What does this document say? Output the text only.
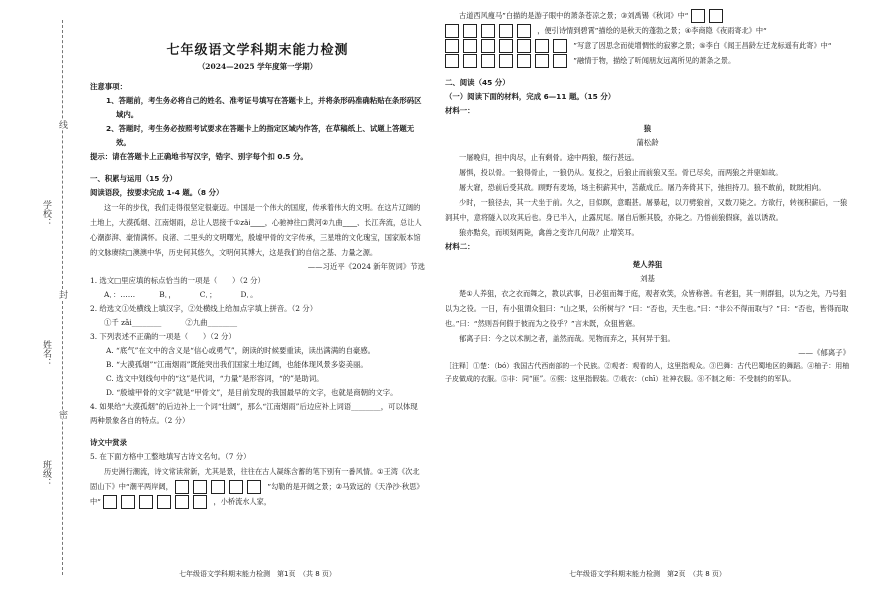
学校：
姓名：
班级：
线
封
密
七年级语文学科期末能力检测
（2024—2025 学年度第一学期）

注意事项：

1、答题前，考生务必将自己的姓名、准考证号填写在答题卡上，并将条形码准确粘贴在条形码区域内。

2、答题时，考生务必按照考试要求在答题卡上的指定区域内作答，在草稿纸上、试题上答题无效。

提示：请在答题卡上正确地书写汉字，锆字、别字每个扣 0.5 分。

一、积累与运用（15 分）

阅读语段，按要求完成 1-4 题。（8 分）

这一年的步伐，我们走得很坚定很豪迈。中国是一个伟大的国度，传承着伟大的文明。在这片辽阔的土地上，大漠孤烟、江南烟雨，总让人思接千①zǎi____，心驰神往□黄河②九曲____、长江奔流，总让人心潮澎湃、豪情满怀。良渚、二里头的文明曙光，殷墟甲骨的文字传承，三星堆的文化瑰宝，国家版本馆的文脉赓续□澳澳中华，历史何其悠久，文明何其博大，这是我们的自信之基、力量之源。

——习近平《2024 新年贺词》节选

1. 选文□里应填的标点恰当的一项是（　　）（2 分）

A．：……	B．，	C．；	D．。

2. 给选文①处横线上填汉字，②处横线上给加点字填上拼音。（2 分）

①千 zǎi________	②九曲________

3. 下列表述不正确的一项是（　　）（2 分）

A. “底气”在文中的含义是“信心或勇气”，朗读的时候要重读，读出满满的自豪感。

B. “大漠孤烟”“江南烟雨”既能突出我们国家土地辽阔，也能体现风景多姿美丽。

C. 选文中划线句中的“这”是代词，“力量”是形容词，“的”是助词。

D. “殷墟甲骨的文字”就是“甲骨文”，是目前发现的我国最早的文字，也就是商朝的文字。

4. 如果给“大漠孤烟”的后边补上一个词“壮阔”，那么“江南烟雨”后边应补上词语________，可以体现两种景象各自的特点。（2 分）

诗文中赏录

5. 在下面方格中工整地填写古诗文名句。（7 分）

历史洲行潮流，诗文常读常新，尤其是景，往往在古人凝练含蓄的笔下别有一番风情。①王湾《次北固山下》中“潮平两岸阔，	”勾勒的是开阔之景；②马致远的《天净沙·秋思》中“	，小桥流水人家，

七年级语文学科期末能力检测　第1页　（共 8 页）

古道西风瘦马”白描的是游子眼中的萧条苍凉之景；③刘禹锡《秋词》中“
，便引诗情到碧霄”描绘的是秋天的蓬勃之景；④李商隐《夜雨寄北》中“
”写意了因思念而徒增惆怅的寂寥之景；⑤李白《闻王昌龄左迁龙标遥有此寄》中“
”融情于物，描绘了听闻朋友远离所见的萧条之景。

二、阅读（45 分）

（一）阅读下面的材料，完成 6—11 题。（15 分）

材料一：

狼

蒲松龄

一屠晚归，担中肉尽，止有剩骨。途中两狼，缀行甚远。

屠惧，投以骨。一狼得骨止，一狼仍从。复投之，后狼止而前狼又至。骨已尽矣，而两狼之并驱如故。

屠大窘，恐前后受其敌。顾野有麦场，场主积薪其中，苫蔽成丘。屠乃奔倚其下，弛担持刀。狼不敢前，眈眈相向。

少时，一狼径去，其一犬坐于前。久之，目似瞑，意暇甚。屠暴起，以刀劈狼首，又数刀毙之。方欲行，转视积薪后，一狼洞其中，意将隧入以攻其后也。身已半入，止露尻尾。屠自后断其股，亦毙之。乃悟前狼假寐，盖以诱敌。

狼亦黠矣，而顷刻两毙，禽兽之变诈几何哉？止增笑耳。

材料二：

楚人养狙

刘基

楚①人养狙，衣之衣而舞之，教以武事，日必狙而舞于庭，观者欢笑，众皆称善。有老狙，其一则群狙，以为之先，乃号狙以为之役。一日，有小狙谓众狙曰：“山之果，公所树与？”曰：“否也，天生也。”曰：“非公不得而取与？”曰：“否也，皆得而取也。”曰：“然则吾何假于彼而为之役乎？”言未既，众狙皆寤。

郁离子曰：今之以术制之者，盖然而哉。见物而弃之，其何异于狙。

——《郁离子》

［注释］①楚：（bó）我国古代西南部的一个民族。②观者：观看的人，这里指观众。③巴舞：古代巴蜀地区的舞蹈。④柚子：用柚子皮做成的衣服。⑤非：同“匪”。⑥熙：这里指假装。⑦栽衣：（chī）社神衣服。⑧不制之师：不受制约的军队。

七年级语文学科期末能力检测　第2页　（共 8 页）
